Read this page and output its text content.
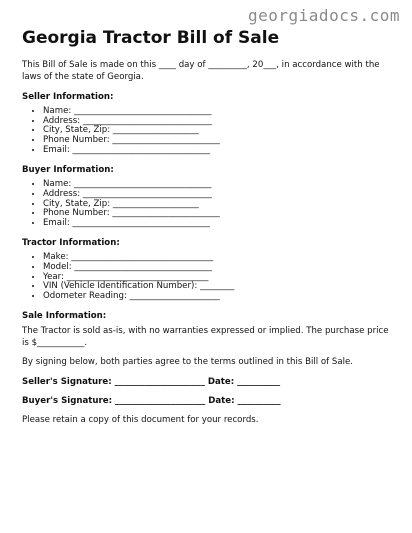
georgiadocs.com
Georgia Tractor Bill of Sale

This Bill of Sale is made on this ____ day of _________, 20___, in accordance with the laws of the state of Georgia.

Seller Information:
• Name: ________________________________
• Address: ______________________________
• City, State, Zip: ____________________
• Phone Number: _________________________
• Email: ________________________________
Buyer Information:
• Name: ________________________________
• Address: ______________________________
• City, State, Zip: ____________________
• Phone Number: _________________________
• Email: ________________________________
Tractor Information:
• Make: _________________________________
• Model: ________________________________
• Year: _________________________________
• VIN (Vehicle Identification Number): ________
• Odometer Reading: _____________________
Sale Information:

The Tractor is sold as-is, with no warranties expressed or implied. The purchase price is $___________.

By signing below, both parties agree to the terms outlined in this Bill of Sale.

Seller's Signature: _____________________ Date: __________
Buyer's Signature: _____________________ Date: __________

Please retain a copy of this document for your records.
